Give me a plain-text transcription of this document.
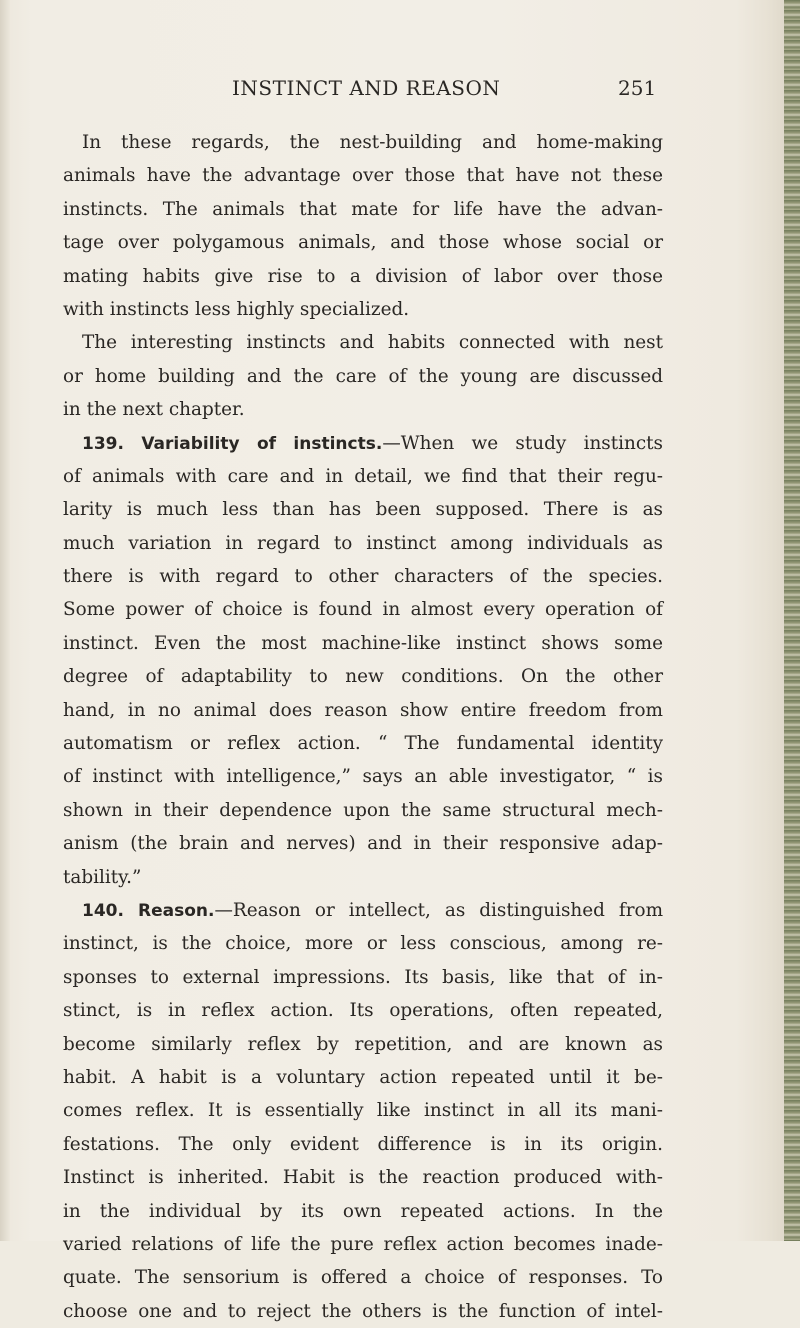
INSTINCT AND REASON	251
In these regards, the nest-building and home-making
animals have the advantage over those that have not these
instincts. The animals that mate for life have the advan-
tage over polygamous animals, and those whose social or
mating habits give rise to a division of labor over those
with instincts less highly specialized.
The interesting instincts and habits connected with nest
or home building and the care of the young are discussed
in the next chapter.
139. Variability of instincts.—When we study instincts
of animals with care and in detail, we find that their regu-
larity is much less than has been supposed. There is as
much variation in regard to instinct among individuals as
there is with regard to other characters of the species.
Some power of choice is found in almost every operation of
instinct. Even the most machine-like instinct shows some
degree of adaptability to new conditions. On the other
hand, in no animal does reason show entire freedom from
automatism or reflex action. “ The fundamental identity
of instinct with intelligence,” says an able investigator, “ is
shown in their dependence upon the same structural mech-
anism (the brain and nerves) and in their responsive adap-
tability.”
140. Reason.—Reason or intellect, as distinguished from
instinct, is the choice, more or less conscious, among re-
sponses to external impressions. Its basis, like that of in-
stinct, is in reflex action. Its operations, often repeated,
become similarly reflex by repetition, and are known as
habit. A habit is a voluntary action repeated until it be-
comes reflex. It is essentially like instinct in all its mani-
festations. The only evident difference is in its origin.
Instinct is inherited. Habit is the reaction produced with-
in the individual by its own repeated actions. In the
varied relations of life the pure reflex action becomes inade-
quate. The sensorium is offered a choice of responses. To
choose one and to reject the others is the function of intel-
